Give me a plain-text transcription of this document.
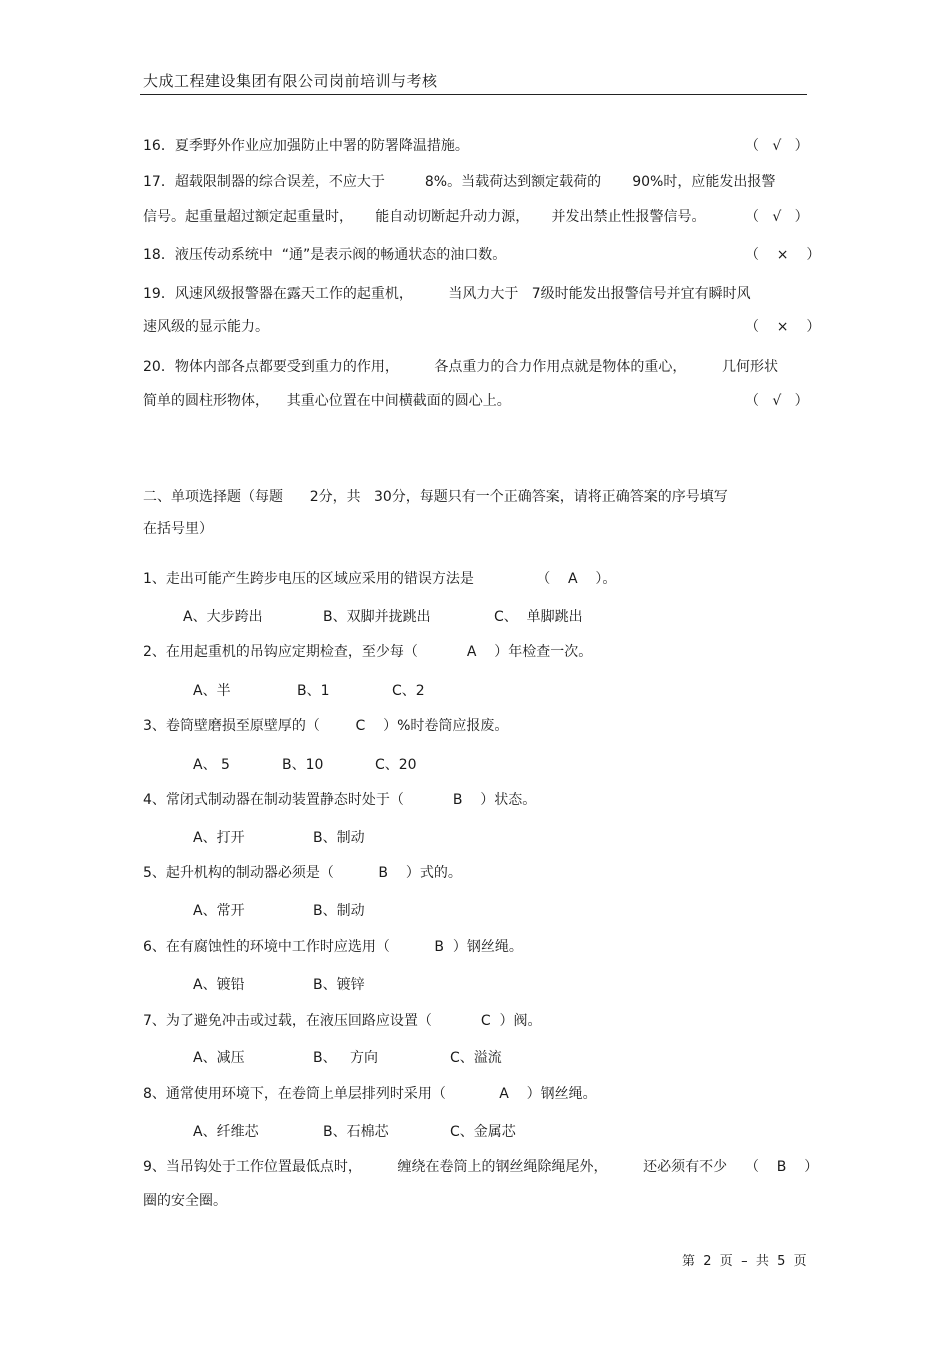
大成工程建设集团有限公司岗前培训与考核
16．夏季野外作业应加强防止中署的防署降温措施。	（   √   ）
17．超载限制器的综合误差，不应大于         8%。当载荷达到额定载荷的       90%时，应能发出报警
信号。起重量超过额定起重量时，     能自动切断起升动力源，     并发出禁止性报警信号。	（   √   ）
18．液压传动系统中  “通”是表示阀的畅通状态的油口数。	（    ×    ）
19．风速风级报警器在露天工作的起重机，        当风力大于   7级时能发出报警信号并宜有瞬时风
速风级的显示能力。	（    ×    ）
20．物体内部各点都要受到重力的作用，        各点重力的合力作用点就是物体的重心，        几何形状
简单的圆柱形物体，    其重心位置在中间横截面的圆心上。	（   √   ）
二、单项选择题（每题      2分，共   30分，每题只有一个正确答案，请将正确答案的序号填写
在括号里）
1、走出可能产生跨步电压的区域应采用的错误方法是              （    A    ）。
A、大步跨出	B、双脚并拢跳出	C、  单脚跳出
2、在用起重机的吊钩应定期检查，至少每（           A    ）年检查一次。
A、半	B、1	C、2
3、卷筒壁磨损至原壁厚的（        C    ）%时卷筒应报废。
A、 5	B、10	C、20
4、常闭式制动器在制动装置静态时处于（           B    ）状态。
A、打开	B、制动
5、起升机构的制动器必须是（          B    ）式的。
A、常开	B、制动
6、在有腐蚀性的环境中工作时应选用（          B  ）钢丝绳。
A、镀铅	B、镀锌
7、为了避免冲击或过载，在液压回路应设置（           C  ）阀。
A、减压	B、   方向	C、溢流
8、通常使用环境下，在卷筒上单层排列时采用（            A    ）钢丝绳。
A、纤维芯	B、石棉芯	C、金属芯
9、当吊钩处于工作位置最低点时，        缠绕在卷筒上的钢丝绳除绳尾外，        还必须有不少 （    B    ）
圈的安全圈。
第  2  页  –  共  5  页
